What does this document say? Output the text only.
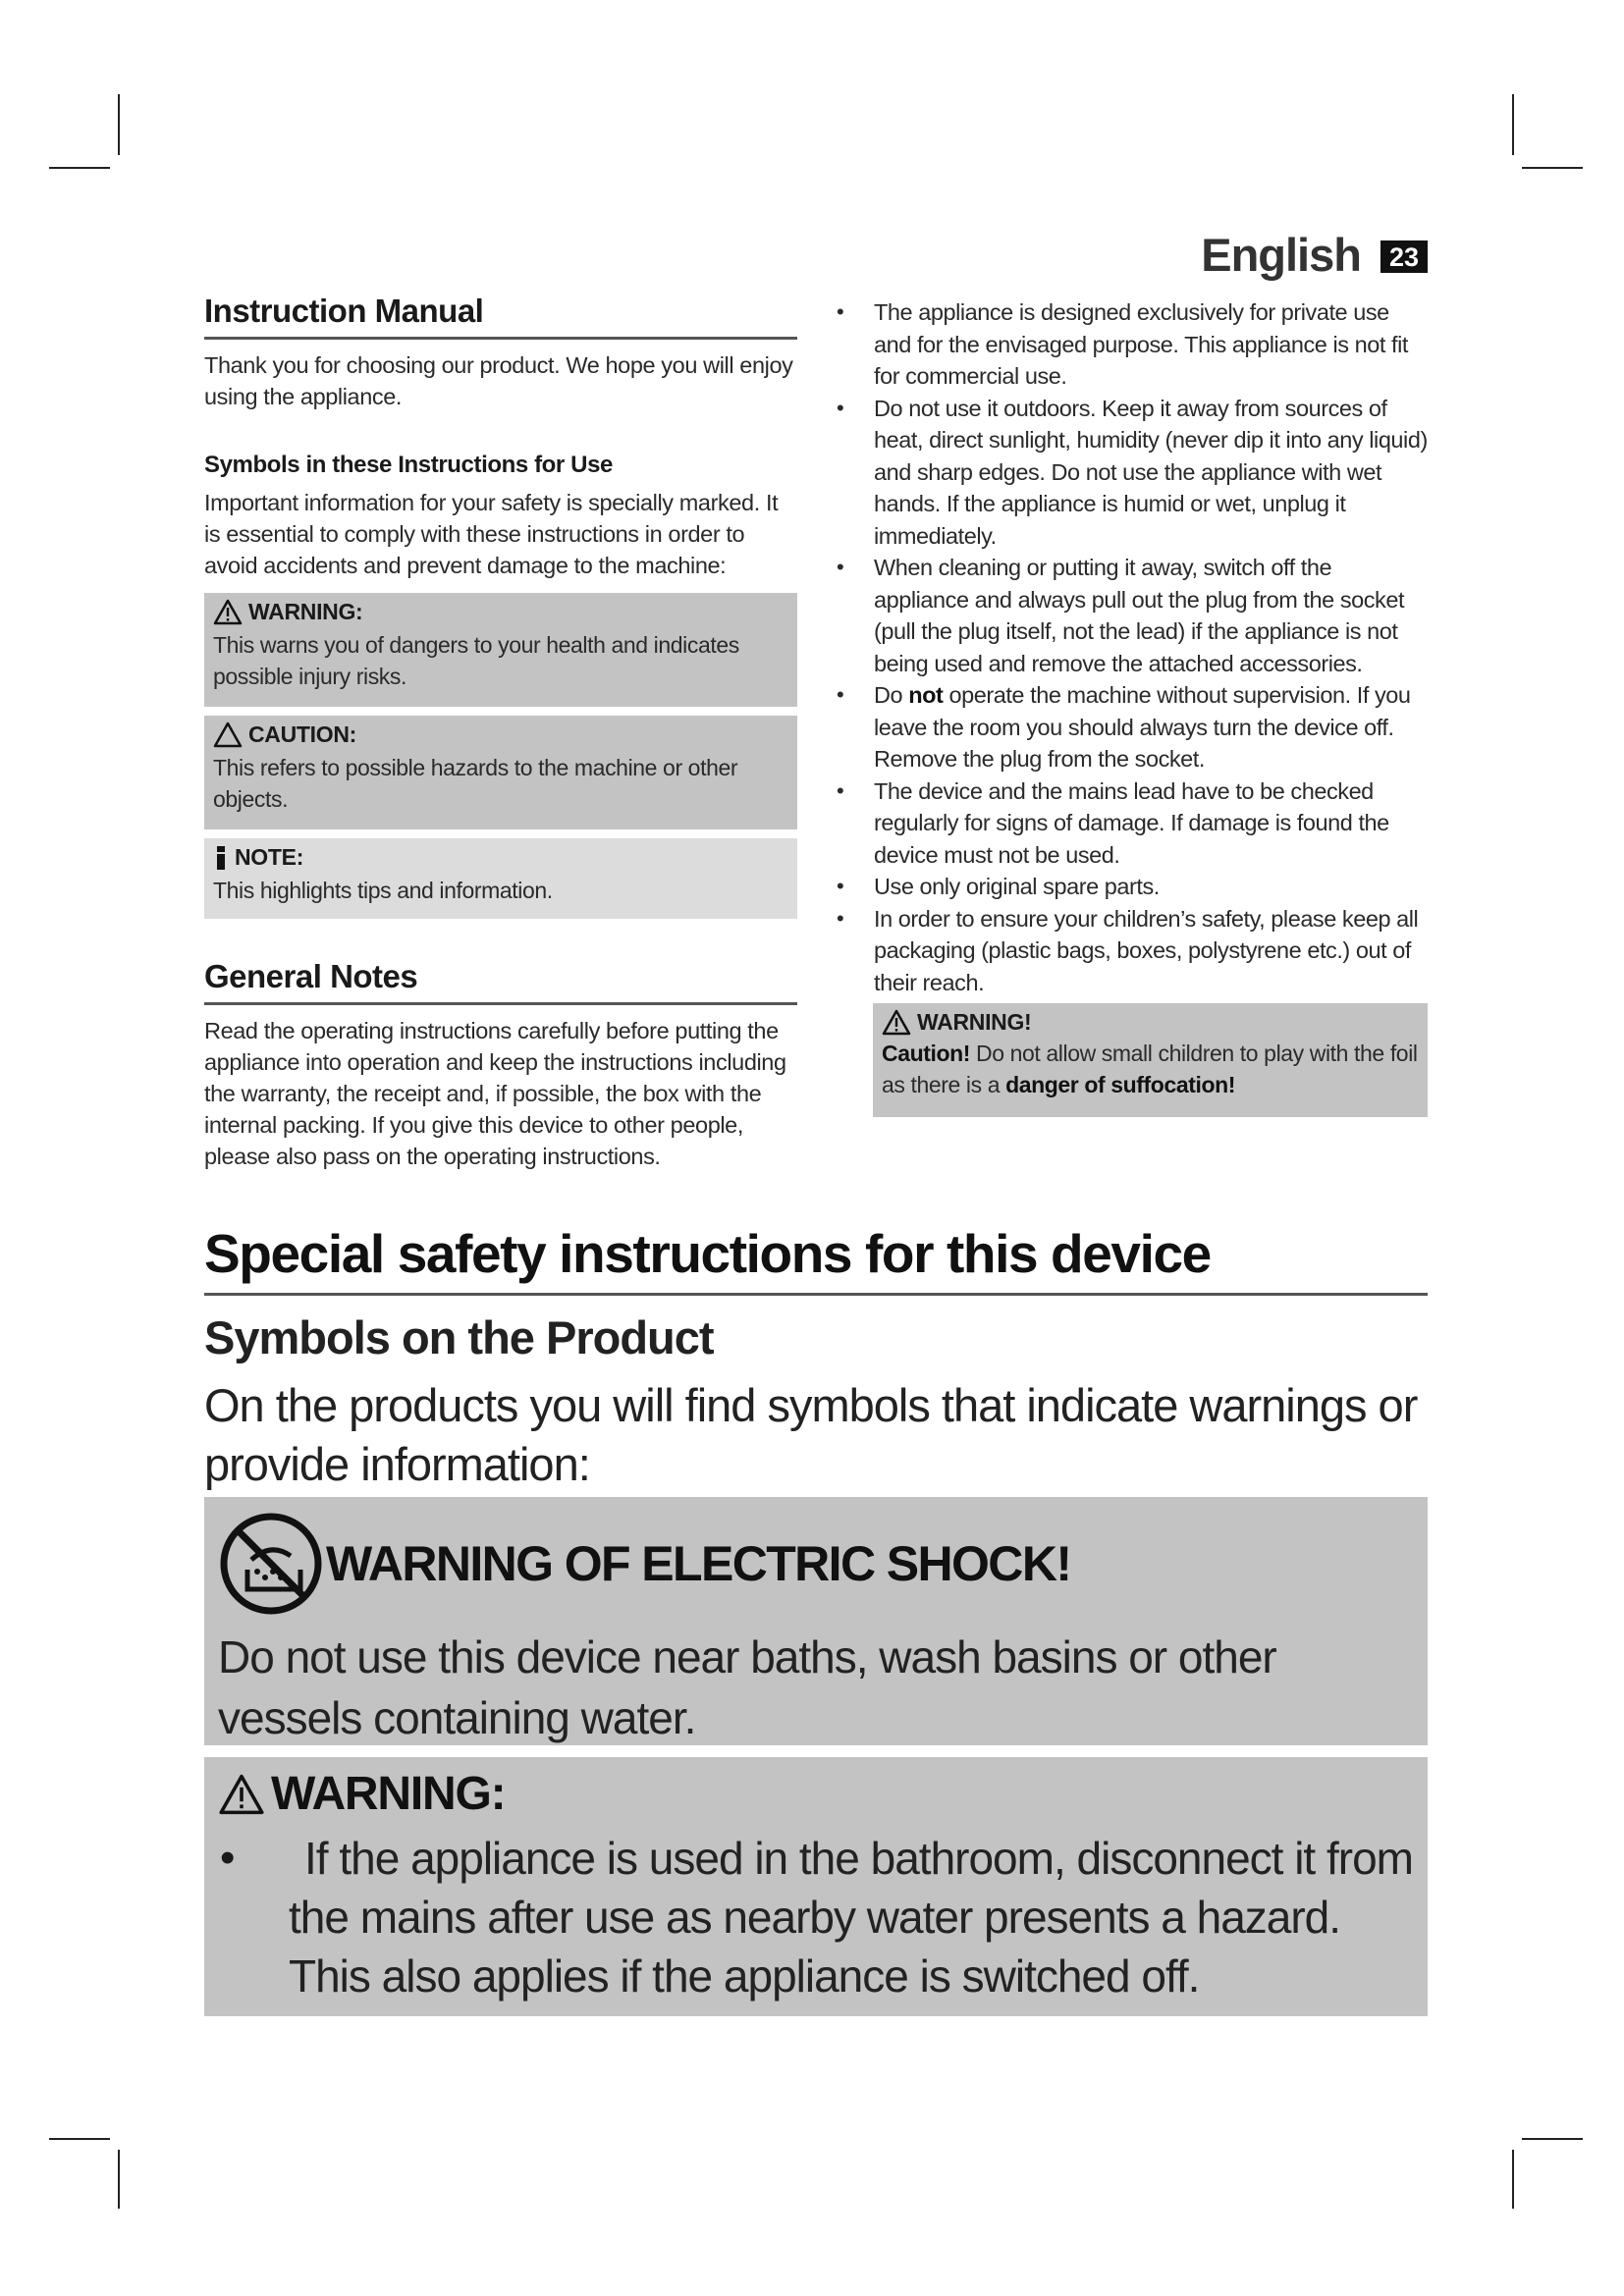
English	23
Instruction Manual

Thank you for choosing our product. We hope you will enjoy using the appliance.

Symbols in these Instructions for Use

Important information for your safety is specially marked. It is essential to comply with these instructions in order to avoid accidents and prevent damage to the machine:

WARNING:
This warns you of dangers to your health and indicates possible injury risks.
CAUTION:
This refers to possible hazards to the machine or other objects.
NOTE:
This highlights tips and information.
General Notes

Read the operating instructions carefully before putting the appliance into operation and keep the instructions including the warranty, the receipt and, if possible, the box with the internal packing. If you give this device to other people, please also pass on the operating instructions.

• The appliance is designed exclusively for private use and for the envisaged purpose. This appliance is not fit for commercial use.
• Do not use it outdoors. Keep it away from sources of heat, direct sunlight, humidity (never dip it into any liquid) and sharp edges. Do not use the appliance with wet hands. If the appliance is humid or wet, unplug it immediately.
• When cleaning or putting it away, switch off the appliance and always pull out the plug from the socket (pull the plug itself, not the lead) if the appliance is not being used and remove the attached accessories.
• Do not operate the machine without supervision. If you leave the room you should always turn the device off. Remove the plug from the socket.
• The device and the mains lead have to be checked regularly for signs of damage. If damage is found the device must not be used.
• Use only original spare parts.
• In order to ensure your children’s safety, please keep all packaging (plastic bags, boxes, polystyrene etc.) out of their reach.
WARNING!
Caution! Do not allow small children to play with the foil as there is a danger of suffocation!
Special safety instructions for this device
Symbols on the Product

On the products you will find symbols that indicate warnings or provide information:

WARNING OF ELECTRIC SHOCK!
Do not use this device near baths, wash basins or other vessels containing water.
WARNING:
•	If the appliance is used in the bathroom, disconnect it from the mains after use as nearby water presents a hazard. This also applies if the appliance is switched off.
